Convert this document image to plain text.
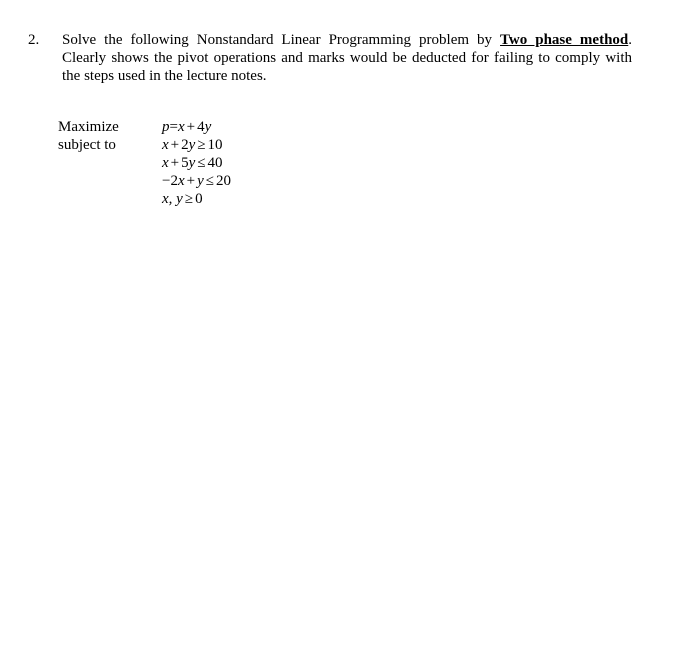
2. Solve the following Nonstandard Linear Programming problem by Two phase method. Clearly shows the pivot operations and marks would be deducted for failing to comply with the steps used in the lecture notes.
Maximize
subject to
p=x + 4y
x + 2y ≥ 10
x + 5y ≤ 40
−2x + y ≤ 20
x, y ≥ 0
